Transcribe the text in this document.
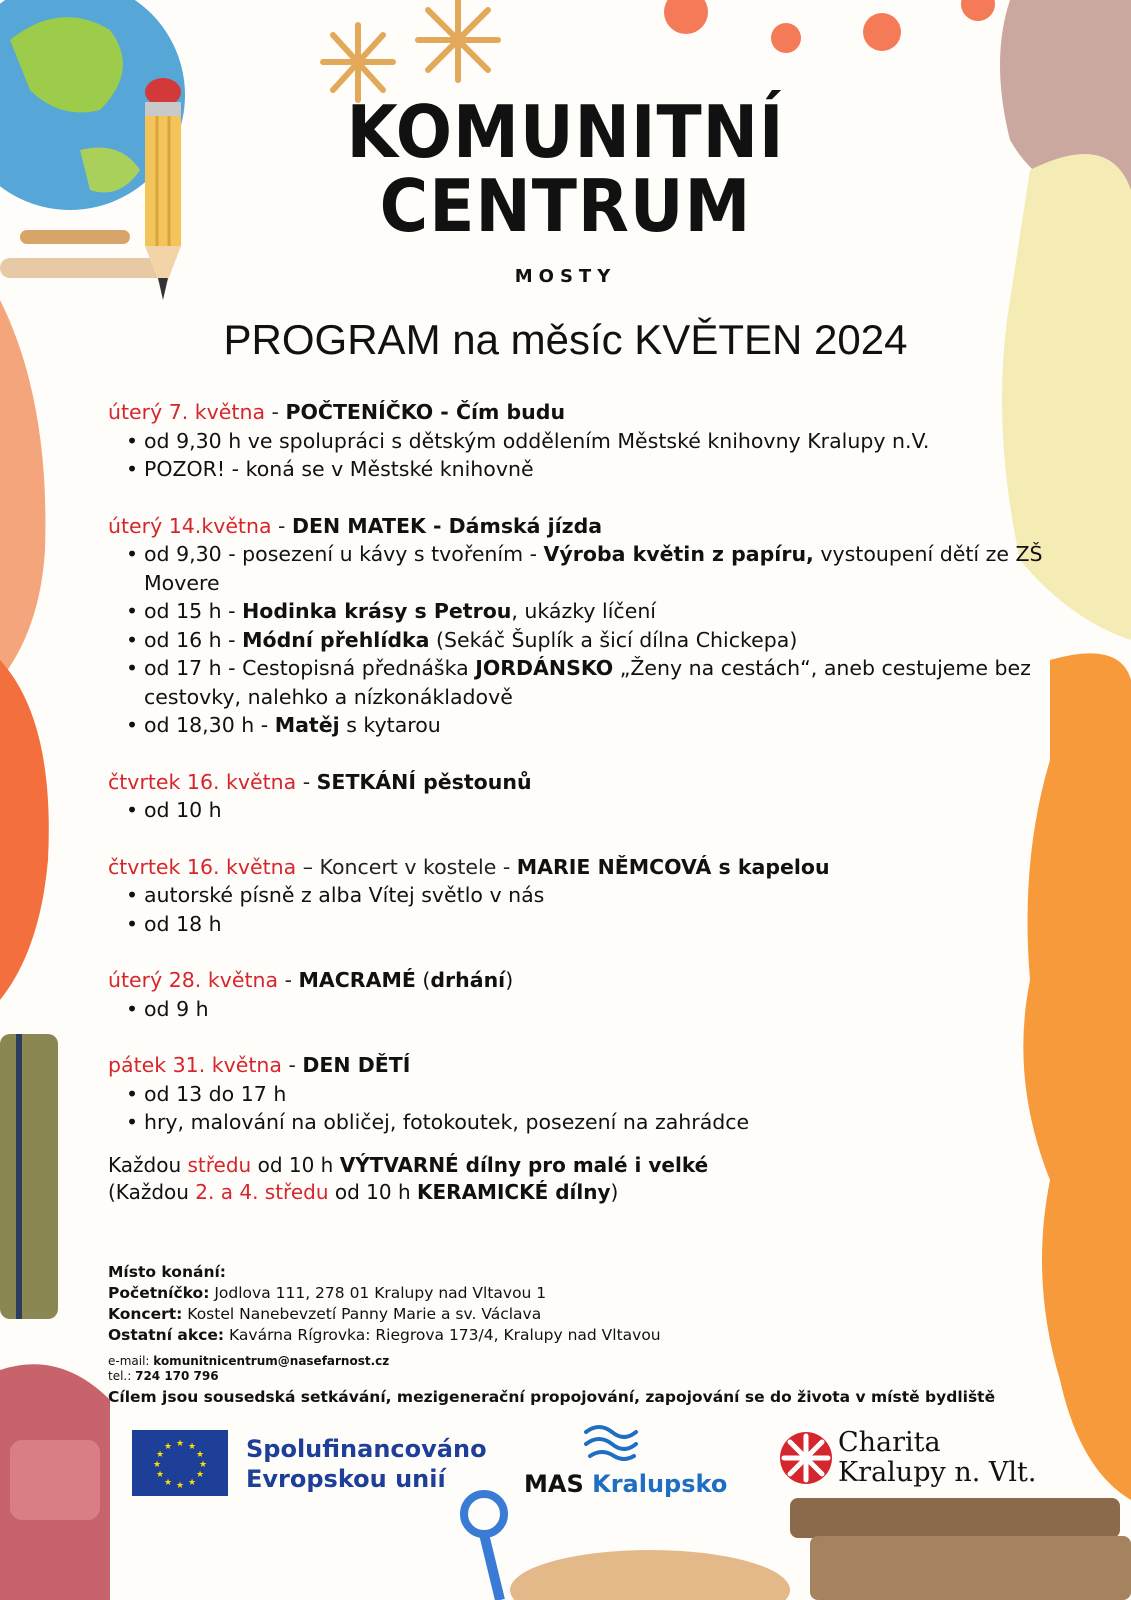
KOMUNITNÍ
CENTRUM
MOSTY
PROGRAM na měsíc KVĚTEN 2024
úterý 7. května - POČTENÍČKO - Čím budu
• od 9,30 h ve spolupráci s dětským oddělením Městské knihovny Kralupy n.V.
• POZOR! - koná se v Městské knihovně
úterý 14.května - DEN MATEK - Dámská jízda
• od 9,30 - posezení u kávy s tvořením - Výroba květin z papíru, vystoupení dětí ze ZŠ Movere
• od 15 h - Hodinka krásy s Petrou, ukázky líčení
• od 16 h - Módní přehlídka (Sekáč Šuplík a šicí dílna Chickepa)
• od 17 h - Cestopisná přednáška JORDÁNSKO „Ženy na cestách“, aneb cestujeme bez cestovky, nalehko a nízkonákladově
• od 18,30 h - Matěj s kytarou
čtvrtek 16. května - SETKÁNÍ pěstounů
• od 10 h
čtvrtek 16. května – Koncert v kostele - MARIE NĚMCOVÁ s kapelou
• autorské písně z alba Vítej světlo v nás
• od 18 h
úterý 28. května - MACRAMÉ (drhání)
• od 9 h
pátek 31. května - DEN DĚTÍ
• od 13 do 17 h
• hry, malování na obličej, fotokoutek, posezení na zahrádce
Každou středu od 10 h VÝTVARNÉ dílny pro malé i velké
(Každou 2. a 4. středu od 10 h KERAMICKÉ dílny)
Místo konání:
Početníčko: Jodlova 111, 278 01 Kralupy nad Vltavou 1
Koncert: Kostel Nanebevzetí Panny Marie a sv. Václava
Ostatní akce: Kavárna Rígrovka: Riegrova 173/4, Kralupy nad Vltavou
e-mail: komunitnicentrum@nasefarnost.cz
tel.: 724 170 796
Cílem jsou sousedská setkávání, mezigenerační propojování, zapojování se do života v místě bydliště
★ ★
★
★
★
★
★
★
★
★
★
★	Spolufinancováno
Evropskou unií	MAS Kralupsko
Charita
Kralupy n. Vlt.
